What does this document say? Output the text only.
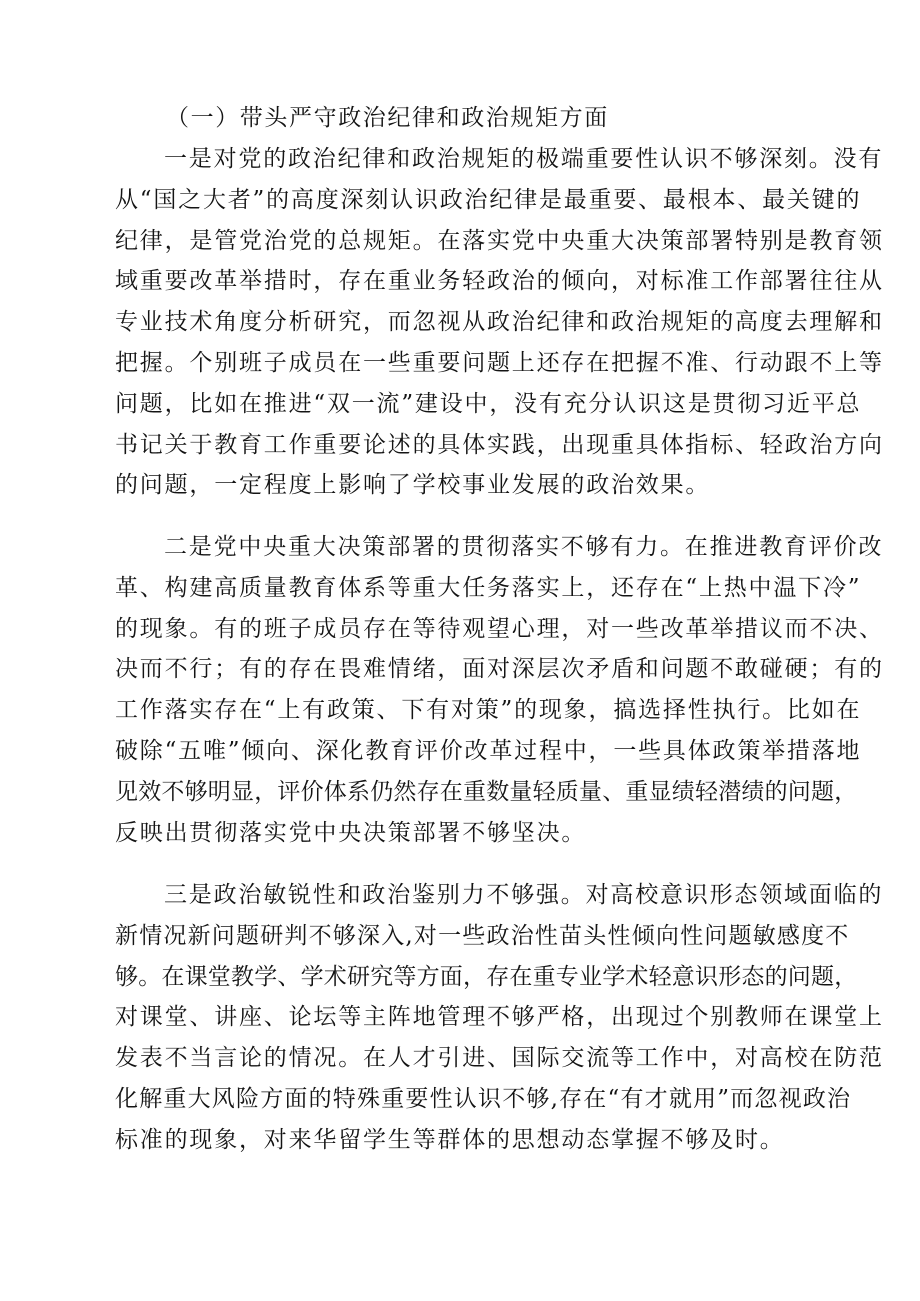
（一）带头严守政治纪律和政治规矩方面

一是对党的政治纪律和政治规矩的极端重要性认识不够深刻。没有
从“国之大者”的高度深刻认识政治纪律是最重要、最根本、最关键的
纪律，是管党治党的总规矩。在落实党中央重大决策部署特别是教育领
域重要改革举措时，存在重业务轻政治的倾向，对标准工作部署往往从
专业技术角度分析研究，而忽视从政治纪律和政治规矩的高度去理解和
把握。个别班子成员在一些重要问题上还存在把握不准、行动跟不上等
问题，比如在推进“双一流”建设中，没有充分认识这是贯彻习近平总
书记关于教育工作重要论述的具体实践，出现重具体指标、轻政治方向
的问题，一定程度上影响了学校事业发展的政治效果。

二是党中央重大决策部署的贯彻落实不够有力。在推进教育评价改
革、构建高质量教育体系等重大任务落实上，还存在“上热中温下冷”
的现象。有的班子成员存在等待观望心理，对一些改革举措议而不决、
决而不行；有的存在畏难情绪，面对深层次矛盾和问题不敢碰硬；有的
工作落实存在“上有政策、下有对策”的现象，搞选择性执行。比如在
破除“五唯”倾向、深化教育评价改革过程中，一些具体政策举措落地
见效不够明显，评价体系仍然存在重数量轻质量、重显绩轻潜绩的问题，
反映出贯彻落实党中央决策部署不够坚决。

三是政治敏锐性和政治鉴别力不够强。对高校意识形态领域面临的
新情况新问题研判不够深入,对一些政治性苗头性倾向性问题敏感度不
够。在课堂教学、学术研究等方面，存在重专业学术轻意识形态的问题，
对课堂、讲座、论坛等主阵地管理不够严格，出现过个别教师在课堂上
发表不当言论的情况。在人才引进、国际交流等工作中，对高校在防范
化解重大风险方面的特殊重要性认识不够,存在“有才就用”而忽视政治
标准的现象，对来华留学生等群体的思想动态掌握不够及时。
